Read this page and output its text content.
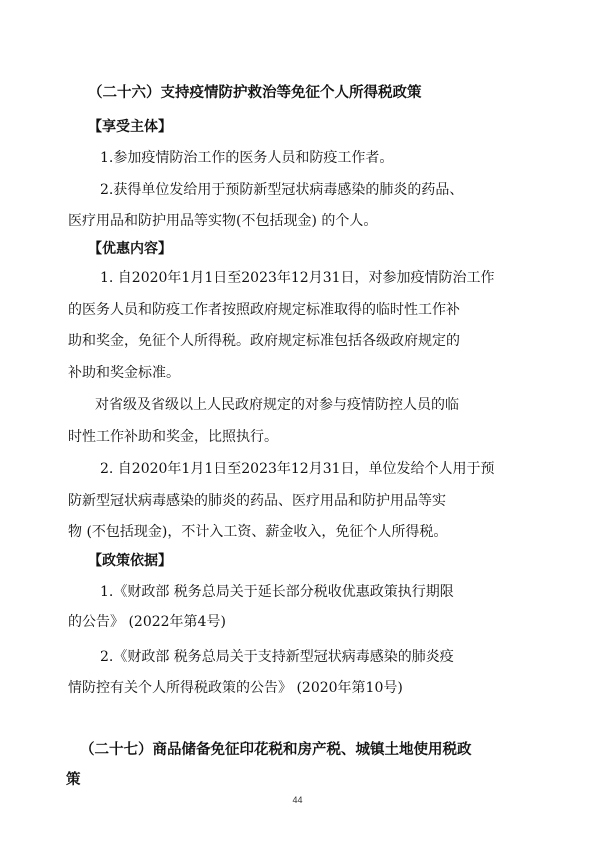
（二十六）支持疫情防护救治等免征个人所得税政策
【享受主体】
1.参加疫情防治工作的医务人员和防疫工作者。
2.获得单位发给用于预防新型冠状病毒感染的肺炎的药品、
医疗用品和防护用品等实物(不包括现金) 的个人。
【优惠内容】
1. 自2020年1月1日至2023年12月31日，对参加疫情防治工作
的医务人员和防疫工作者按照政府规定标准取得的临时性工作补
助和奖金，免征个人所得税。政府规定标准包括各级政府规定的
补助和奖金标准。
对省级及省级以上人民政府规定的对参与疫情防控人员的临
时性工作补助和奖金，比照执行。
2. 自2020年1月1日至2023年12月31日，单位发给个人用于预
防新型冠状病毒感染的肺炎的药品、医疗用品和防护用品等实
物 (不包括现金)，不计入工资、薪金收入，免征个人所得税。
【政策依据】
1.《财政部 税务总局关于延长部分税收优惠政策执行期限
的公告》 (2022年第4号)
2.《财政部 税务总局关于支持新型冠状病毒感染的肺炎疫
情防控有关个人所得税政策的公告》 (2020年第10号)
（二十七）商品储备免征印花税和房产税、城镇土地使用税政
策
44
